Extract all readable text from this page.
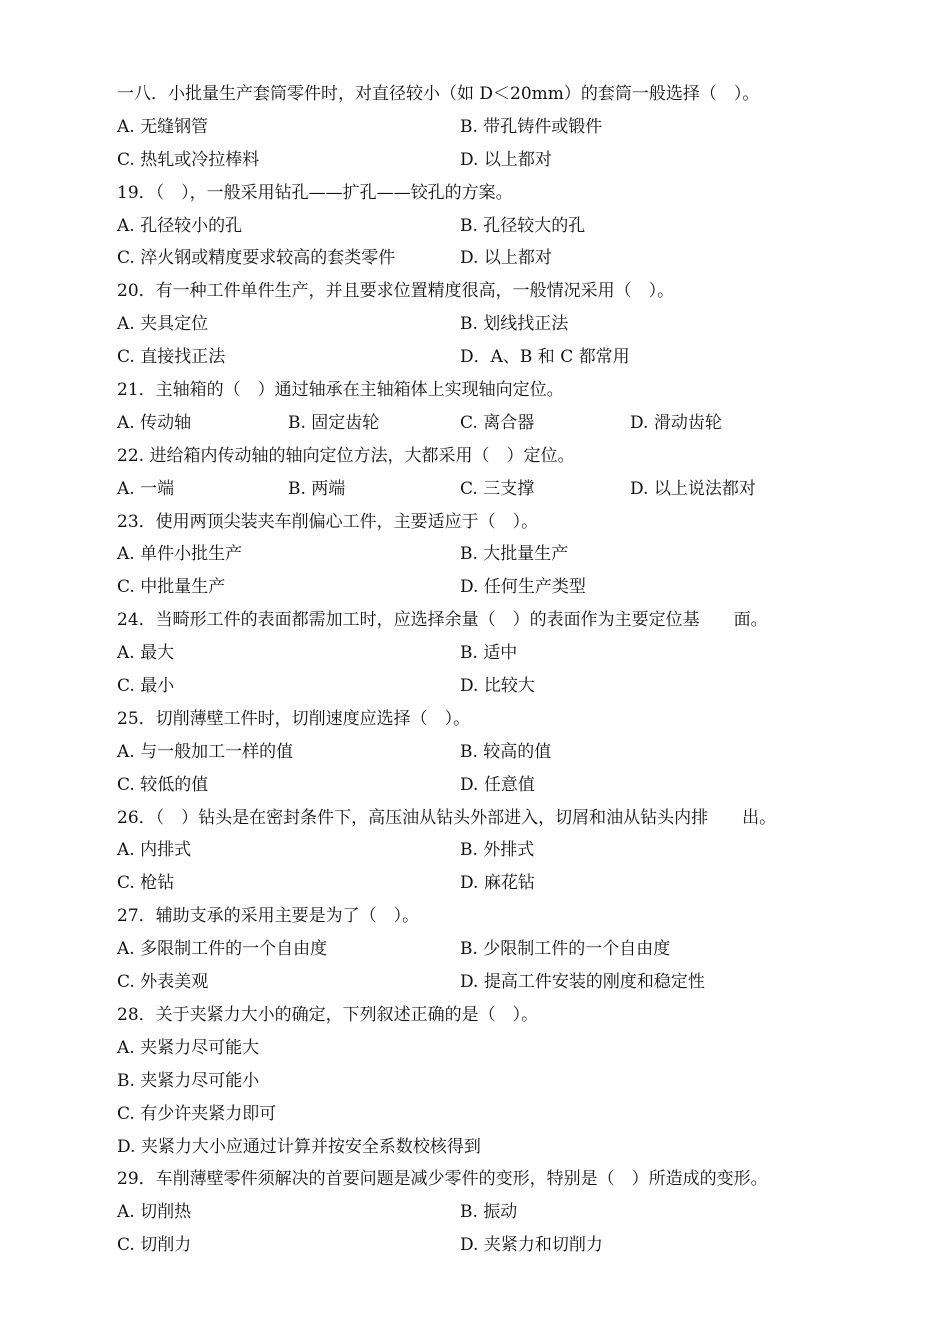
一八．小批量生产套筒零件时，对直径较小（如 D＜20mm）的套筒一般选择（　）。
A. 无缝钢管	B. 带孔铸件或锻件
C. 热轧或冷拉棒料	D. 以上都对
19．（　），一般采用钻孔——扩孔——铰孔的方案。
A. 孔径较小的孔	B. 孔径较大的孔
C. 淬火钢或精度要求较高的套类零件	D. 以上都对
20．有一种工件单件生产，并且要求位置精度很高，一般情况采用（　）。
A. 夹具定位	B. 划线找正法
C. 直接找正法	D．A、B 和 C 都常用
21．主轴箱的（　）通过轴承在主轴箱体上实现轴向定位。
A. 传动轴	B. 固定齿轮	C. 离合器	D. 滑动齿轮
22. 进给箱内传动轴的轴向定位方法，大都采用（　）定位。
A. 一端	B. 两端	C. 三支撑	D. 以上说法都对
23．使用两顶尖装夹车削偏心工件，主要适应于（　）。
A. 单件小批生产	B. 大批量生产
C. 中批量生产	D. 任何生产类型
24．当畸形工件的表面都需加工时，应选择余量（　）的表面作为主要定位基　　面。
A. 最大	B. 适中
C. 最小	D. 比较大
25．切削薄壁工件时，切削速度应选择（　）。
A. 与一般加工一样的值	B. 较高的值
C. 较低的值	D. 任意值
26．（　）钻头是在密封条件下，高压油从钻头外部进入，切屑和油从钻头内排　　出。
A. 内排式	B. 外排式
C. 枪钻	D. 麻花钻
27．辅助支承的采用主要是为了（　）。
A. 多限制工件的一个自由度	B. 少限制工件的一个自由度
C. 外表美观	D. 提高工件安装的刚度和稳定性
28．关于夹紧力大小的确定，下列叙述正确的是（　）。
A. 夹紧力尽可能大
B. 夹紧力尽可能小
C. 有少许夹紧力即可
D. 夹紧力大小应通过计算并按安全系数校核得到
29．车削薄壁零件须解决的首要问题是减少零件的变形，特别是（　）所造成的变形。
A. 切削热	B. 振动
C. 切削力	D. 夹紧力和切削力
